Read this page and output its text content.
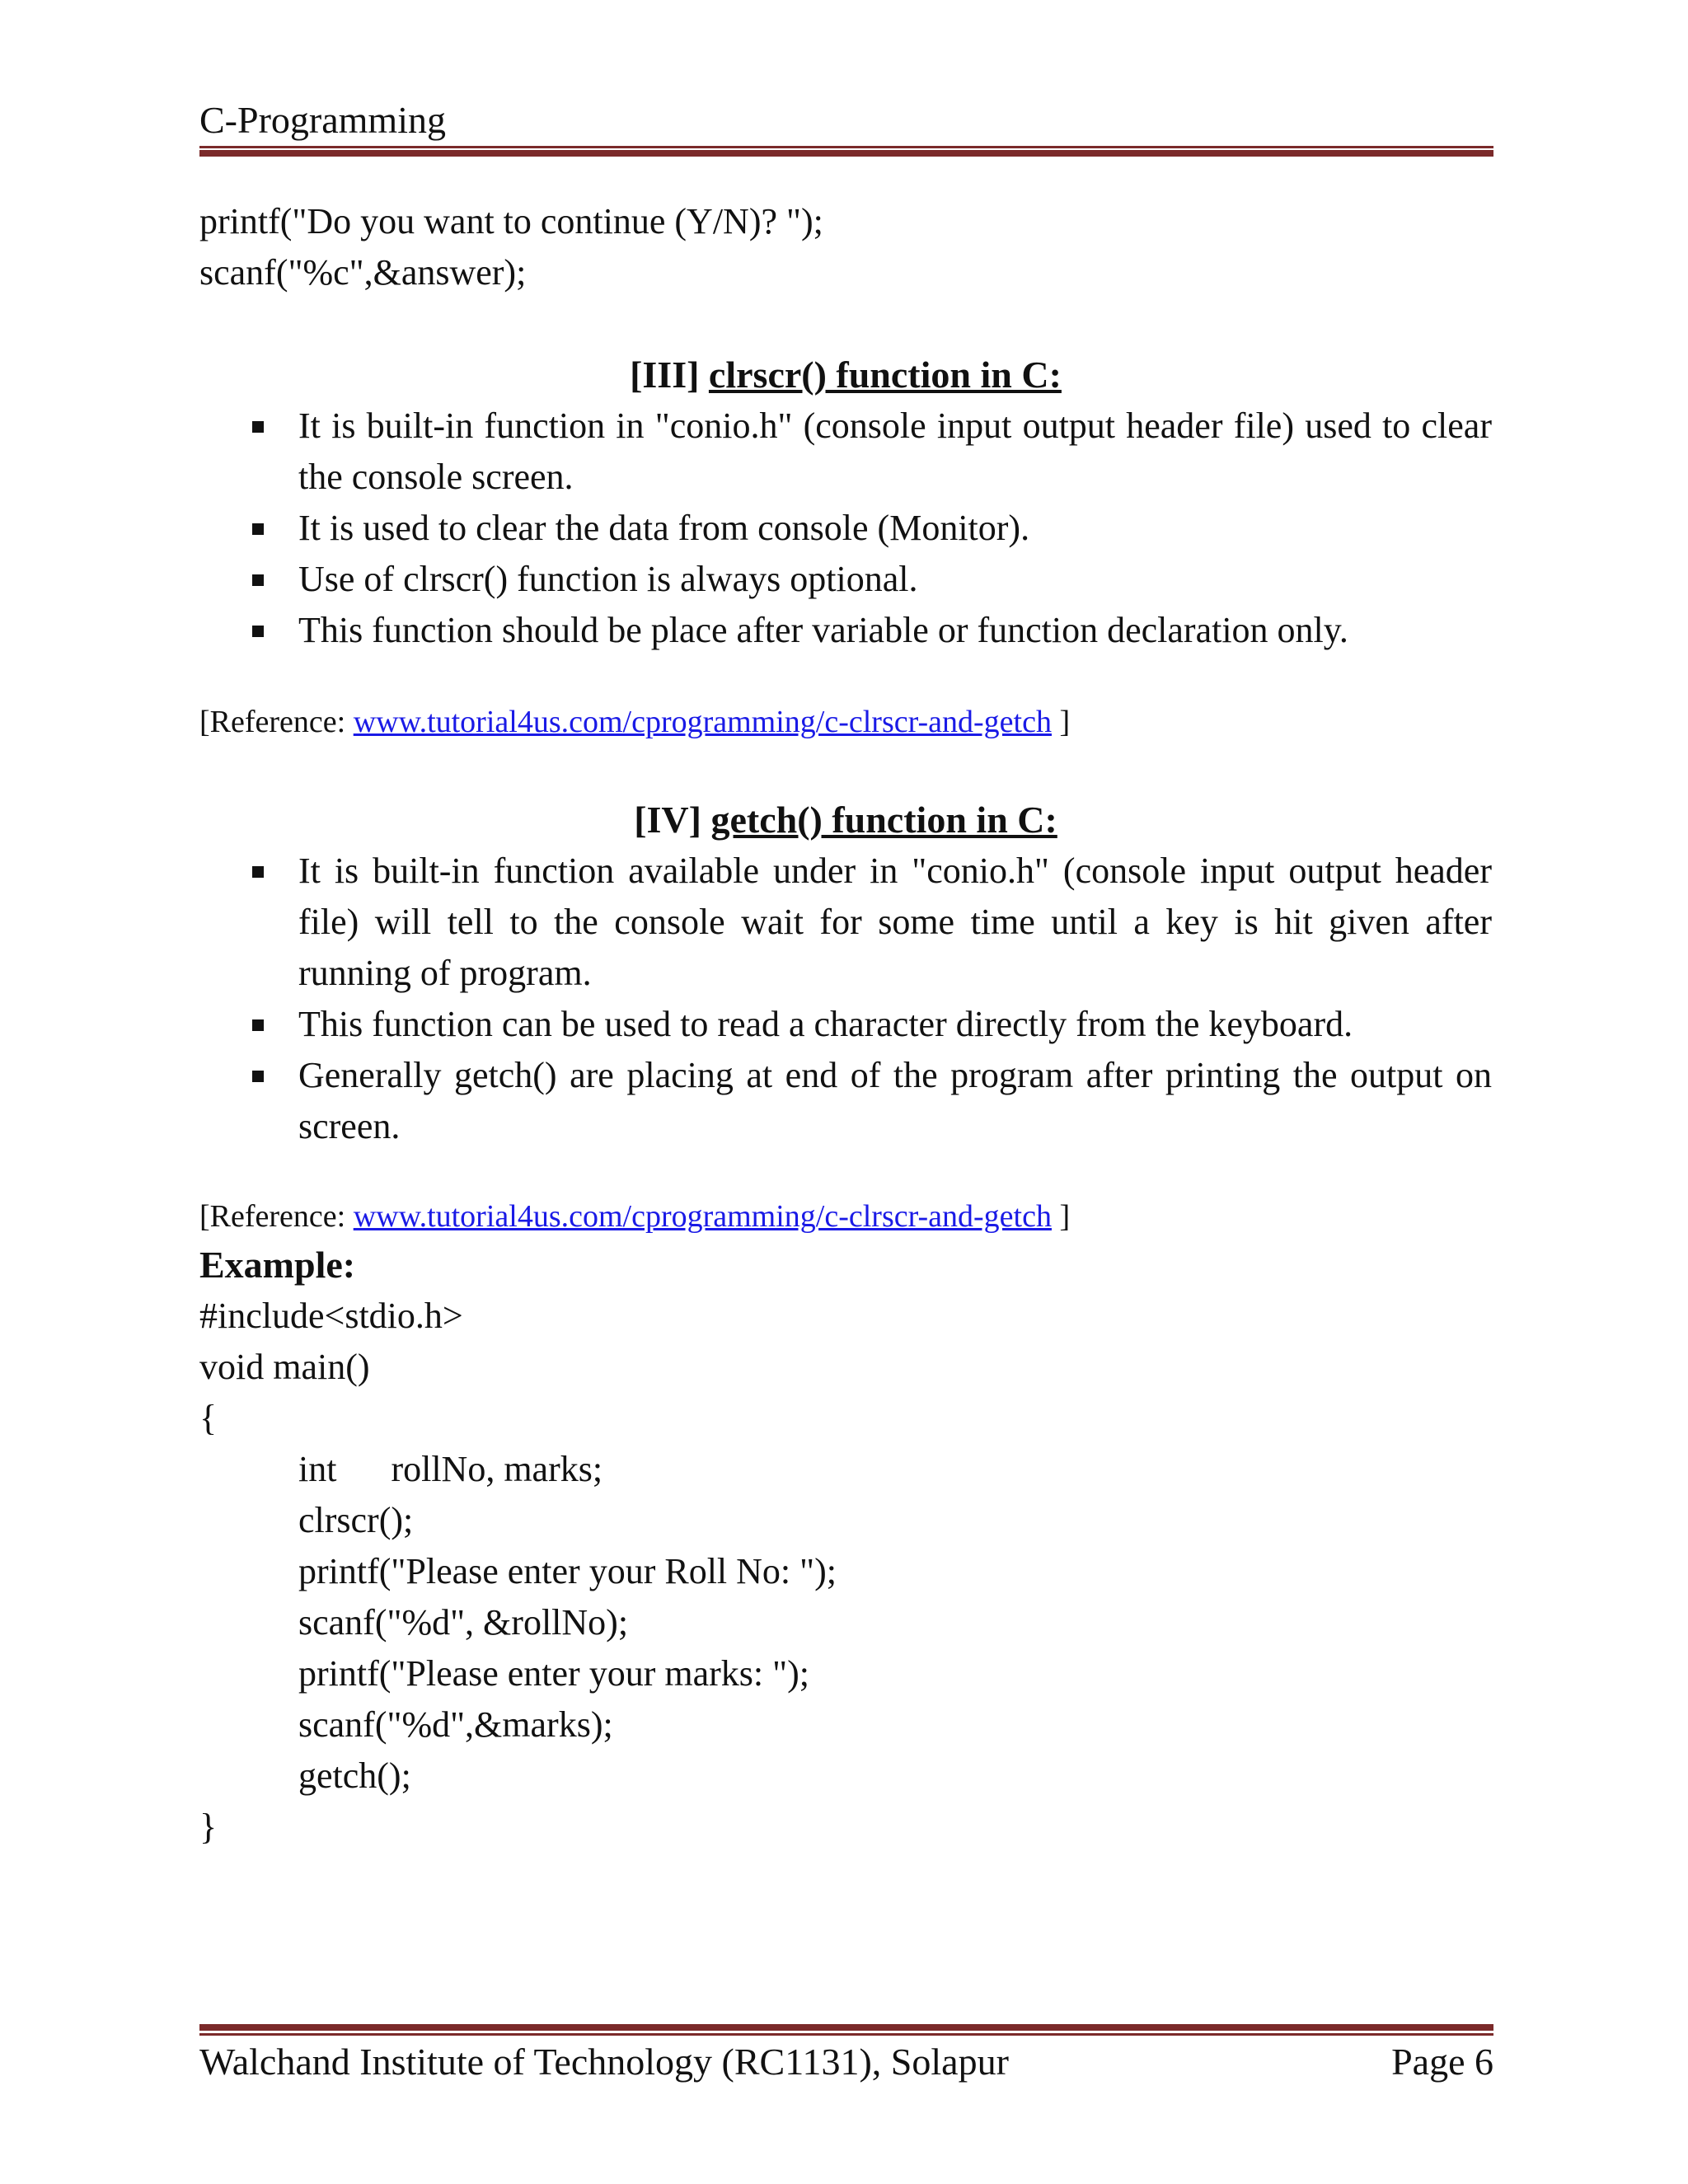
C-Programming
printf("Do you want to continue (Y/N)? ");
scanf("%c",&answer);
[III] clrscr() function in C:
It is built-in function in "conio.h" (console input output header file) used to clear the console screen.
It is used to clear the data from console (Monitor).
Use of clrscr() function is always optional.
This function should be place after variable or function declaration only.
[Reference: www.tutorial4us.com/cprogramming/c-clrscr-and-getch ]
[IV] getch() function in C:
It is built-in function available under in "conio.h" (console input output header file) will tell to the console wait for some time until a key is hit given after running of program.
This function can be used to read a character directly from the keyboard.
Generally getch() are placing at end of the program after printing the output on screen.
[Reference: www.tutorial4us.com/cprogramming/c-clrscr-and-getch ]
Example:
#include<stdio.h>
void main()
{
int      rollNo, marks;
clrscr();
printf("Please enter your Roll No: ");
scanf("%d", &rollNo);
printf("Please enter your marks: ");
scanf("%d",&marks);
getch();
}
Walchand Institute of Technology (RC1131), Solapur	Page 6
